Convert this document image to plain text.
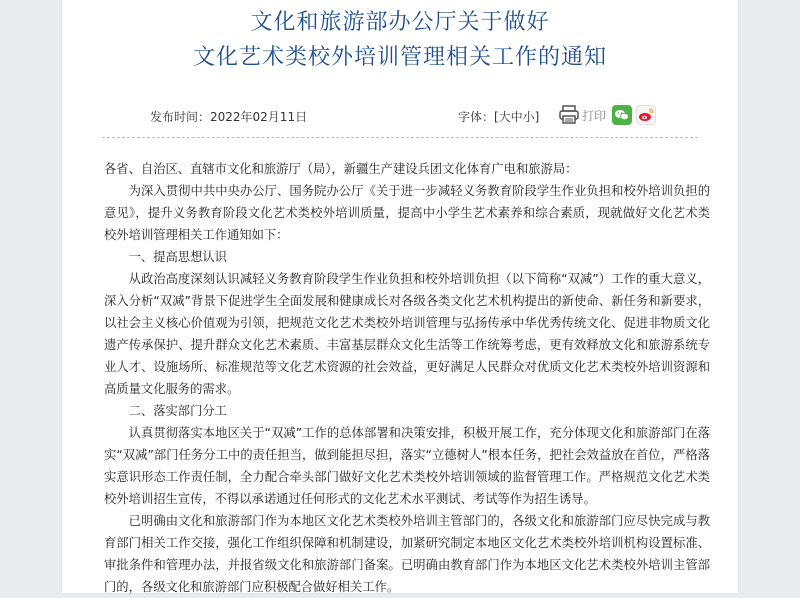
文化和旅游部办公厅关于做好
文化艺术类校外培训管理相关工作的通知
发布时间：2022年02月11日	字体：[大中小]	打印

各省、自治区、直辖市文化和旅游厅（局），新疆生产建设兵团文化体育广电和旅游局：

为深入贯彻中共中央办公厅、国务院办公厅《关于进一步减轻义务教育阶段学生作业负担和校外培训负担的意见》，提升义务教育阶段文化艺术类校外培训质量，提高中小学生艺术素养和综合素质，现就做好文化艺术类校外培训管理相关工作通知如下：

一、提高思想认识

从政治高度深刻认识减轻义务教育阶段学生作业负担和校外培训负担（以下简称“双减”）工作的重大意义，深入分析“双减”背景下促进学生全面发展和健康成长对各级各类文化艺术机构提出的新使命、新任务和新要求，以社会主义核心价值观为引领，把规范文化艺术类校外培训管理与弘扬传承中华优秀传统文化、促进非物质文化遗产传承保护、提升群众文化艺术素质、丰富基层群众文化生活等工作统筹考虑，更有效释放文化和旅游系统专业人才、设施场所、标准规范等文化艺术资源的社会效益，更好满足人民群众对优质文化艺术类校外培训资源和高质量文化服务的需求。

二、落实部门分工

认真贯彻落实本地区关于“双减”工作的总体部署和决策安排，积极开展工作，充分体现文化和旅游部门在落实“双减”部门任务分工中的责任担当，做到能担尽担，落实“立德树人”根本任务，把社会效益放在首位，严格落实意识形态工作责任制，全力配合牵头部门做好文化艺术类校外培训领域的监督管理工作。严格规范文化艺术类校外培训招生宣传，不得以承诺通过任何形式的文化艺术水平测试、考试等作为招生诱导。

已明确由文化和旅游部门作为本地区文化艺术类校外培训主管部门的，各级文化和旅游部门应尽快完成与教育部门相关工作交接，强化工作组织保障和机制建设，加紧研究制定本地区文化艺术类校外培训机构设置标准、审批条件和管理办法，并报省级文化和旅游部门备案。已明确由教育部门作为本地区文化艺术类校外培训主管部门的，各级文化和旅游部门应积极配合做好相关工作。
